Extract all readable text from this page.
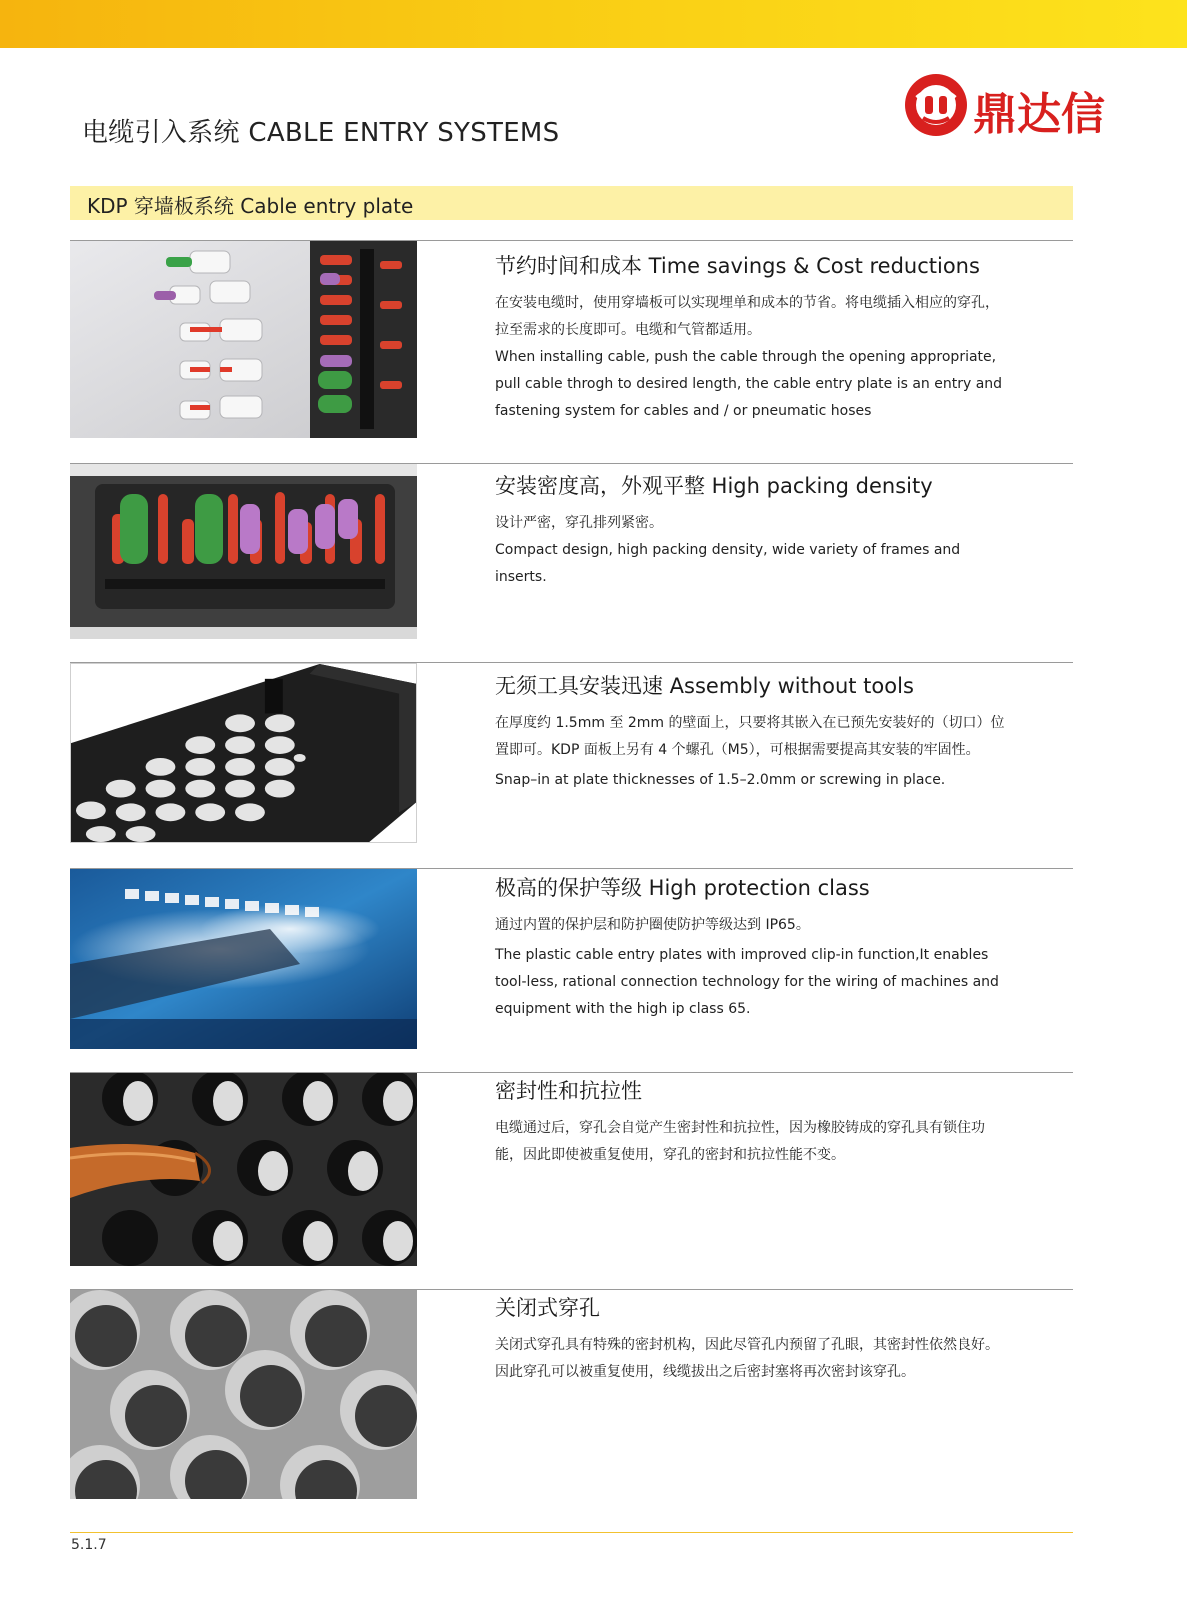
电缆引入系统 CABLE ENTRY SYSTEMS	鼎达信
KDP 穿墙板系统 Cable entry plate
节约时间和成本 Time savings & Cost reductions

在安装电缆时，使用穿墙板可以实现埋单和成本的节省。将电缆插入相应的穿孔，拉至需求的长度即可。电缆和气管都适用。

When installing cable, push the cable through the opening appropriate, pull cable throgh to desired length, the cable entry plate is an entry and fastening system for cables and / or pneumatic hoses

安装密度高，外观平整 High packing density

设计严密，穿孔排列紧密。

Compact design, high packing density, wide variety of frames and inserts.

无须工具安装迅速 Assembly without tools

在厚度约 1.5mm 至 2mm 的壁面上，只要将其嵌入在已预先安装好的（切口）位置即可。KDP 面板上另有 4 个螺孔（M5），可根据需要提高其安装的牢固性。

Snap–in at plate thicknesses of 1.5–2.0mm or screwing in place.

极高的保护等级 High protection class

通过内置的保护层和防护圈使防护等级达到 IP65。

The plastic cable entry plates with improved clip-in function,It enables tool-less, rational connection technology for the wiring of machines and equipment with the high ip class 65.

密封性和抗拉性

电缆通过后，穿孔会自觉产生密封性和抗拉性，因为橡胶铸成的穿孔具有锁住功能，因此即使被重复使用，穿孔的密封和抗拉性能不变。

关闭式穿孔

关闭式穿孔具有特殊的密封机构，因此尽管孔内预留了孔眼，其密封性依然良好。因此穿孔可以被重复使用，线缆拔出之后密封塞将再次密封该穿孔。

5.1.7
